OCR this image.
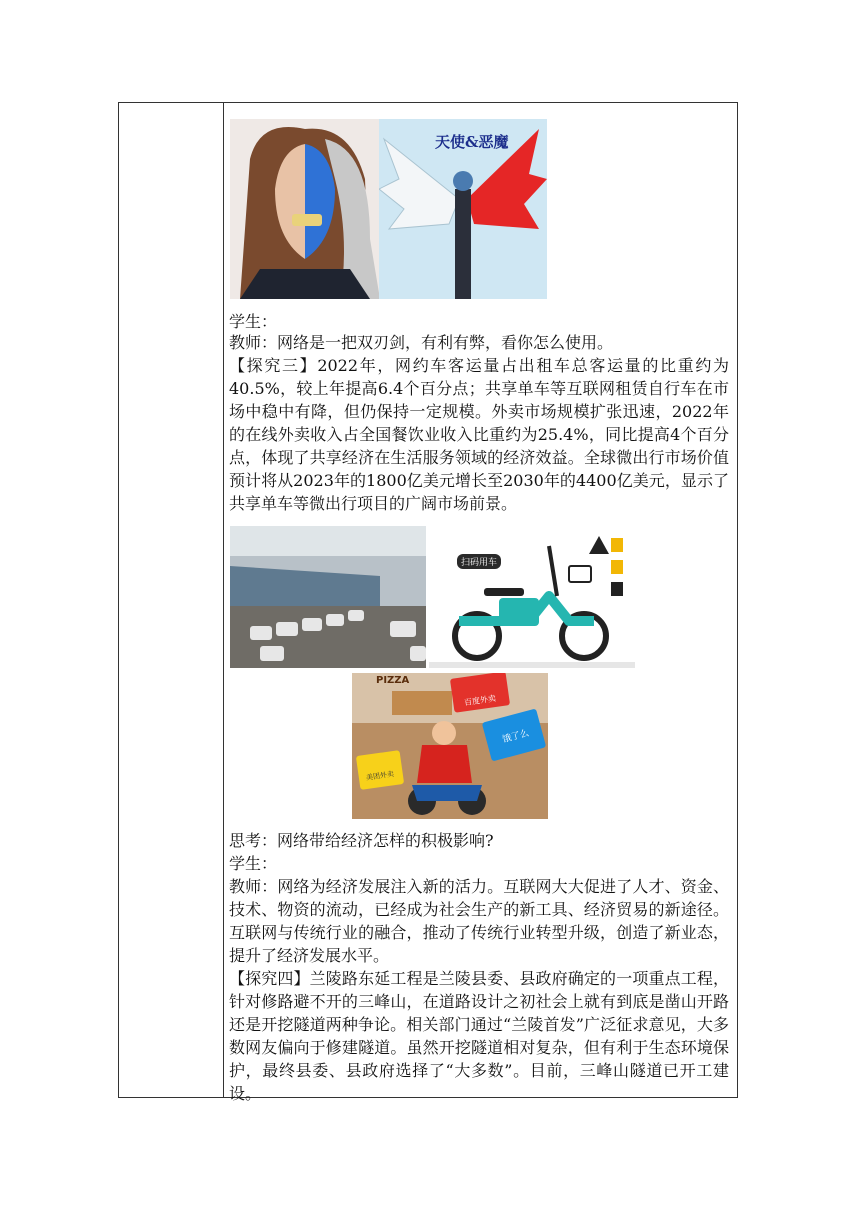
天使&恶魔

学生：

教师：网络是一把双刃剑，有利有弊，看你怎么使用。

【探究三】2022年，网约车客运量占出租车总客运量的比重约为40.5%，较上年提高6.4个百分点；共享单车等互联网租赁自行车在市场中稳中有降，但仍保持一定规模。外卖市场规模扩张迅速，2022年的在线外卖收入占全国餐饮业收入比重约为25.4%，同比提高4个百分点，体现了共享经济在生活服务领域的经济效益。全球微出行市场价值预计将从2023年的1800亿美元增长至2030年的4400亿美元，显示了共享单车等微出行项目的广阔市场前景。

扫码用车
PIZZA
饿了么
美团外卖
百度外卖

思考：网络带给经济怎样的积极影响?

学生：

教师：网络为经济发展注入新的活力。互联网大大促进了人才、资金、技术、物资的流动，已经成为社会生产的新工具、经济贸易的新途径。互联网与传统行业的融合，推动了传统行业转型升级，创造了新业态，提升了经济发展水平。

【探究四】兰陵路东延工程是兰陵县委、县政府确定的一项重点工程，针对修路避不开的三峰山，在道路设计之初社会上就有到底是凿山开路还是开挖隧道两种争论。相关部门通过“兰陵首发”广泛征求意见，大多数网友偏向于修建隧道。虽然开挖隧道相对复杂，但有利于生态环境保护，最终县委、县政府选择了“大多数”。目前，三峰山隧道已开工建设。
